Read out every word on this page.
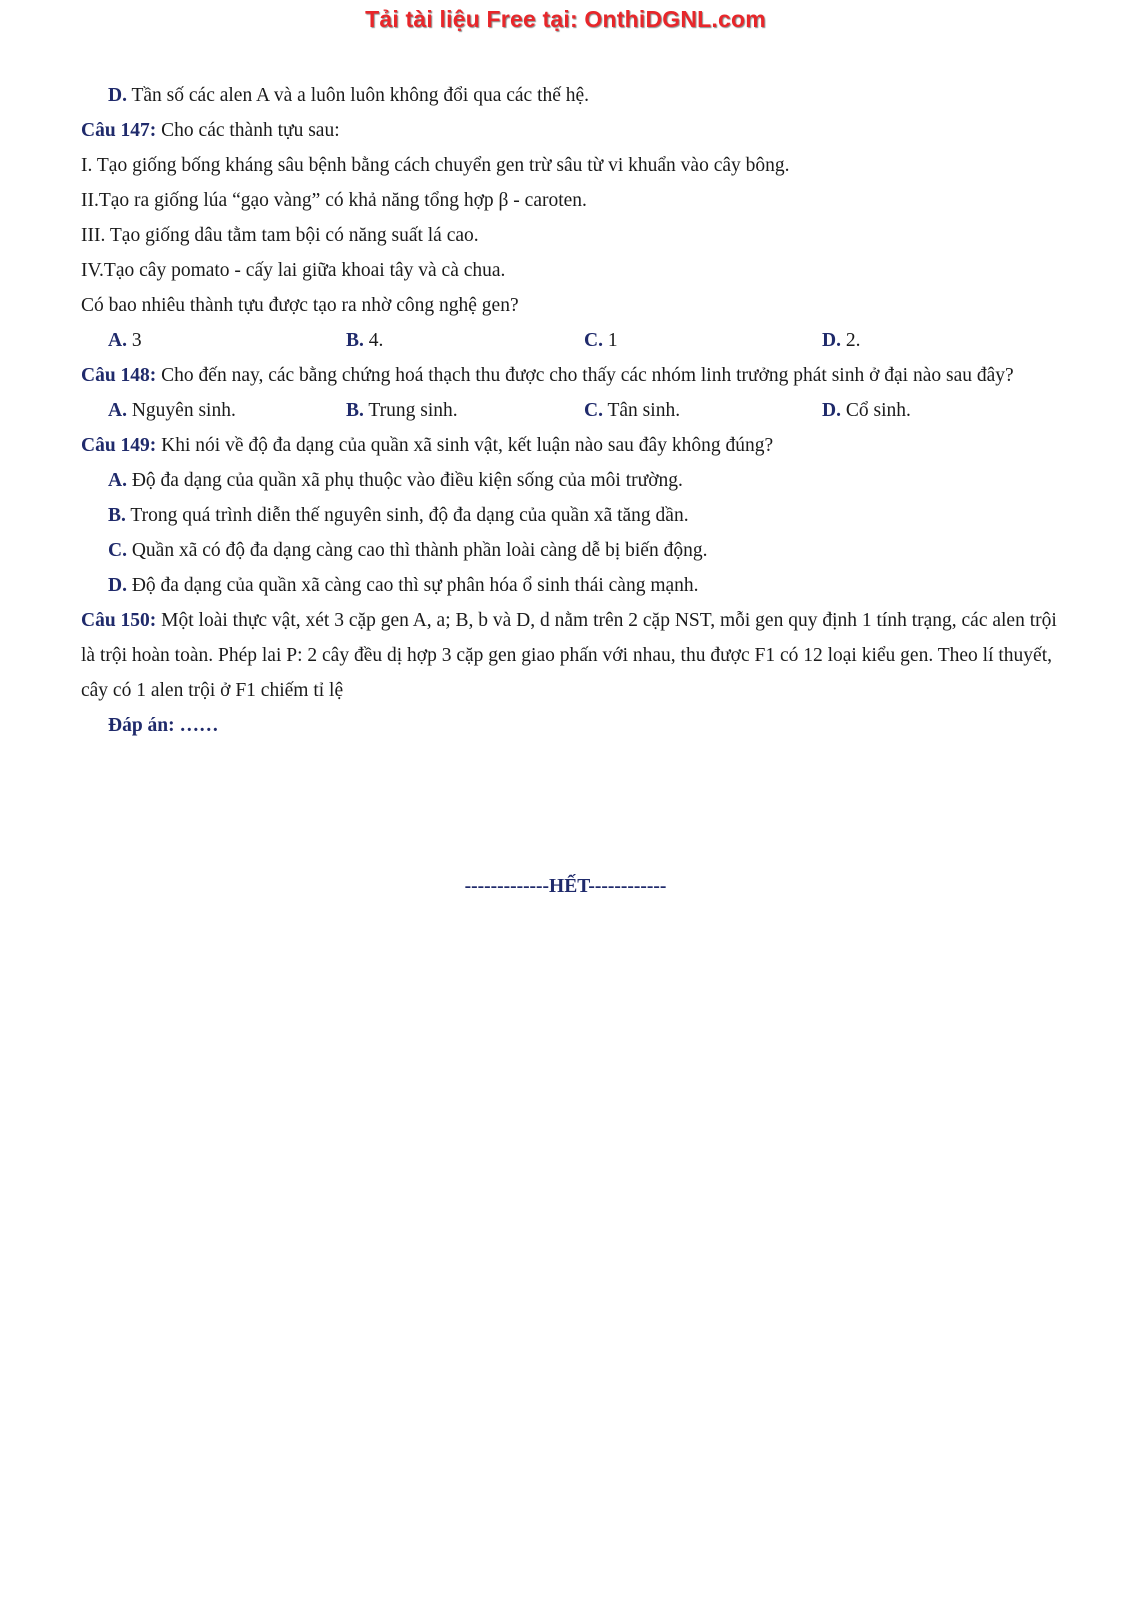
Tải tài liệu Free tại: OnthiDGNL.com
D. Tần số các alen A và a luôn luôn không đổi qua các thế hệ.
Câu 147: Cho các thành tựu sau:
I. Tạo giống bống kháng sâu bệnh bằng cách chuyển gen trừ sâu từ vi khuẩn vào cây bông.
II.Tạo ra giống lúa “gạo vàng” có khả năng tổng hợp β - caroten.
III. Tạo giống dâu tằm tam bội có năng suất lá cao.
IV.Tạo cây pomato - cấy lai giữa khoai tây và cà chua.
Có bao nhiêu thành tựu được tạo ra nhờ công nghệ gen?
A. 3	B. 4.	C. 1	D. 2.
Câu 148: Cho đến nay, các bằng chứng hoá thạch thu được cho thấy các nhóm linh trưởng phát sinh ở đại nào sau đây?
A. Nguyên sinh.	B. Trung sinh.	C. Tân sinh.	D. Cổ sinh.
Câu 149: Khi nói về độ đa dạng của quần xã sinh vật, kết luận nào sau đây không đúng?
A. Độ đa dạng của quần xã phụ thuộc vào điều kiện sống của môi trường.
B. Trong quá trình diễn thế nguyên sinh, độ đa dạng của quần xã tăng dần.
C. Quần xã có độ đa dạng càng cao thì thành phần loài càng dễ bị biến động.
D. Độ đa dạng của quần xã càng cao thì sự phân hóa ổ sinh thái càng mạnh.
Câu 150: Một loài thực vật, xét 3 cặp gen A, a; B, b và D, d nằm trên 2 cặp NST, mỗi gen quy định 1 tính trạng, các alen trội là trội hoàn toàn. Phép lai P: 2 cây đều dị hợp 3 cặp gen giao phấn với nhau, thu được F1 có 12 loại kiểu gen. Theo lí thuyết, cây có 1 alen trội ở F1 chiếm tỉ lệ
Đáp án: ……
-------------HẾT------------
